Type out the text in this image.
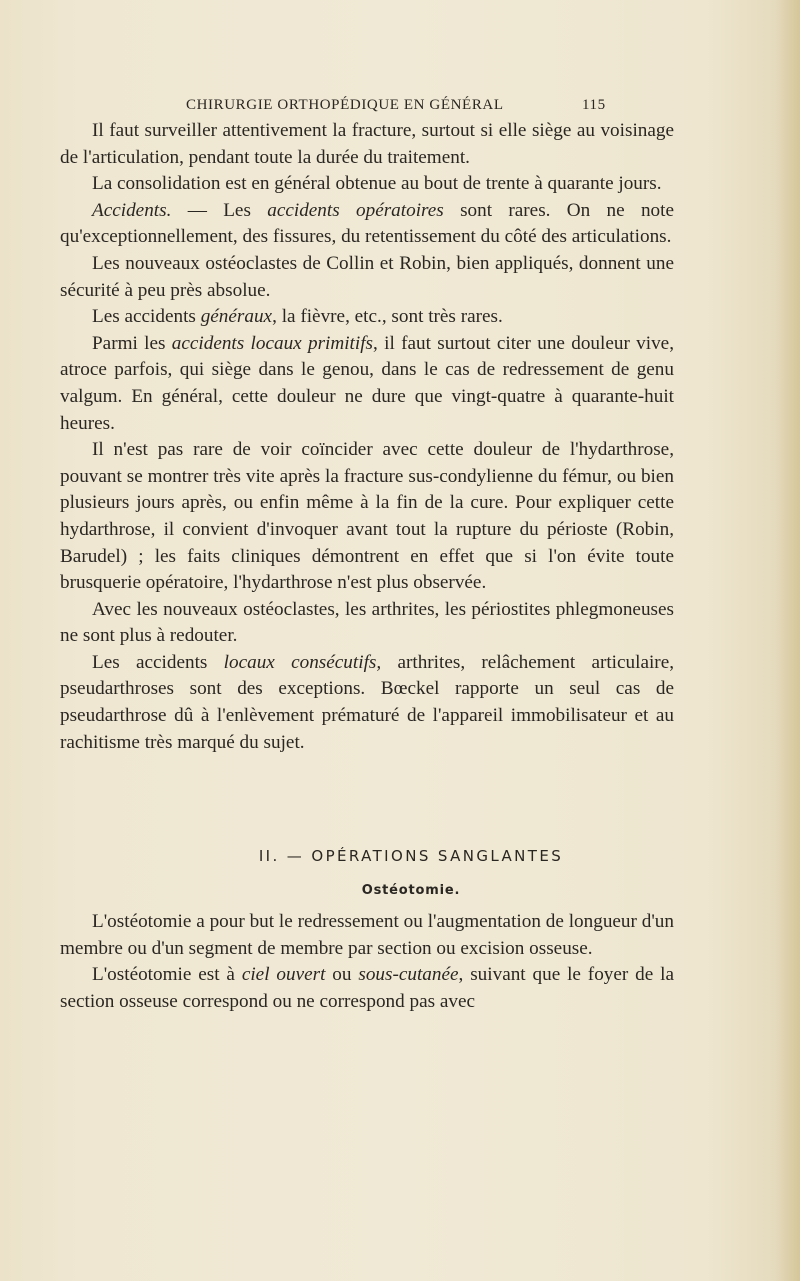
CHIRURGIE ORTHOPÉDIQUE EN GÉNÉRAL	115

Il faut surveiller attentivement la fracture, surtout si elle siège au voisinage de l'articulation, pendant toute la durée du traitement.

La consolidation est en général obtenue au bout de trente à quarante jours.

Accidents. — Les accidents opératoires sont rares. On ne note qu'exceptionnellement, des fissures, du retentissement du côté des articulations.

Les nouveaux ostéoclastes de Collin et Robin, bien appliqués, donnent une sécurité à peu près absolue.

Les accidents généraux, la fièvre, etc., sont très rares.

Parmi les accidents locaux primitifs, il faut surtout citer une douleur vive, atroce parfois, qui siège dans le genou, dans le cas de redressement de genu valgum. En général, cette douleur ne dure que vingt-quatre à quarante-huit heures.

Il n'est pas rare de voir coïncider avec cette douleur de l'hydarthrose, pouvant se montrer très vite après la fracture sus-condylienne du fémur, ou bien plusieurs jours après, ou enfin même à la fin de la cure. Pour expliquer cette hydarthrose, il convient d'invoquer avant tout la rupture du périoste (Robin, Barudel) ; les faits cliniques démontrent en effet que si l'on évite toute brusquerie opératoire, l'hydarthrose n'est plus observée.

Avec les nouveaux ostéoclastes, les arthrites, les périostites phlegmoneuses ne sont plus à redouter.

Les accidents locaux consécutifs, arthrites, relâchement articulaire, pseudarthroses sont des exceptions. Bœckel rapporte un seul cas de pseudarthrose dû à l'enlèvement prématuré de l'appareil immobilisateur et au rachitisme très marqué du sujet.

II. — OPÉRATIONS SANGLANTES
Ostéotomie.

L'ostéotomie a pour but le redressement ou l'augmentation de longueur d'un membre ou d'un segment de membre par section ou excision osseuse.

L'ostéotomie est à ciel ouvert ou sous-cutanée, suivant que le foyer de la section osseuse correspond ou ne correspond pas avec
